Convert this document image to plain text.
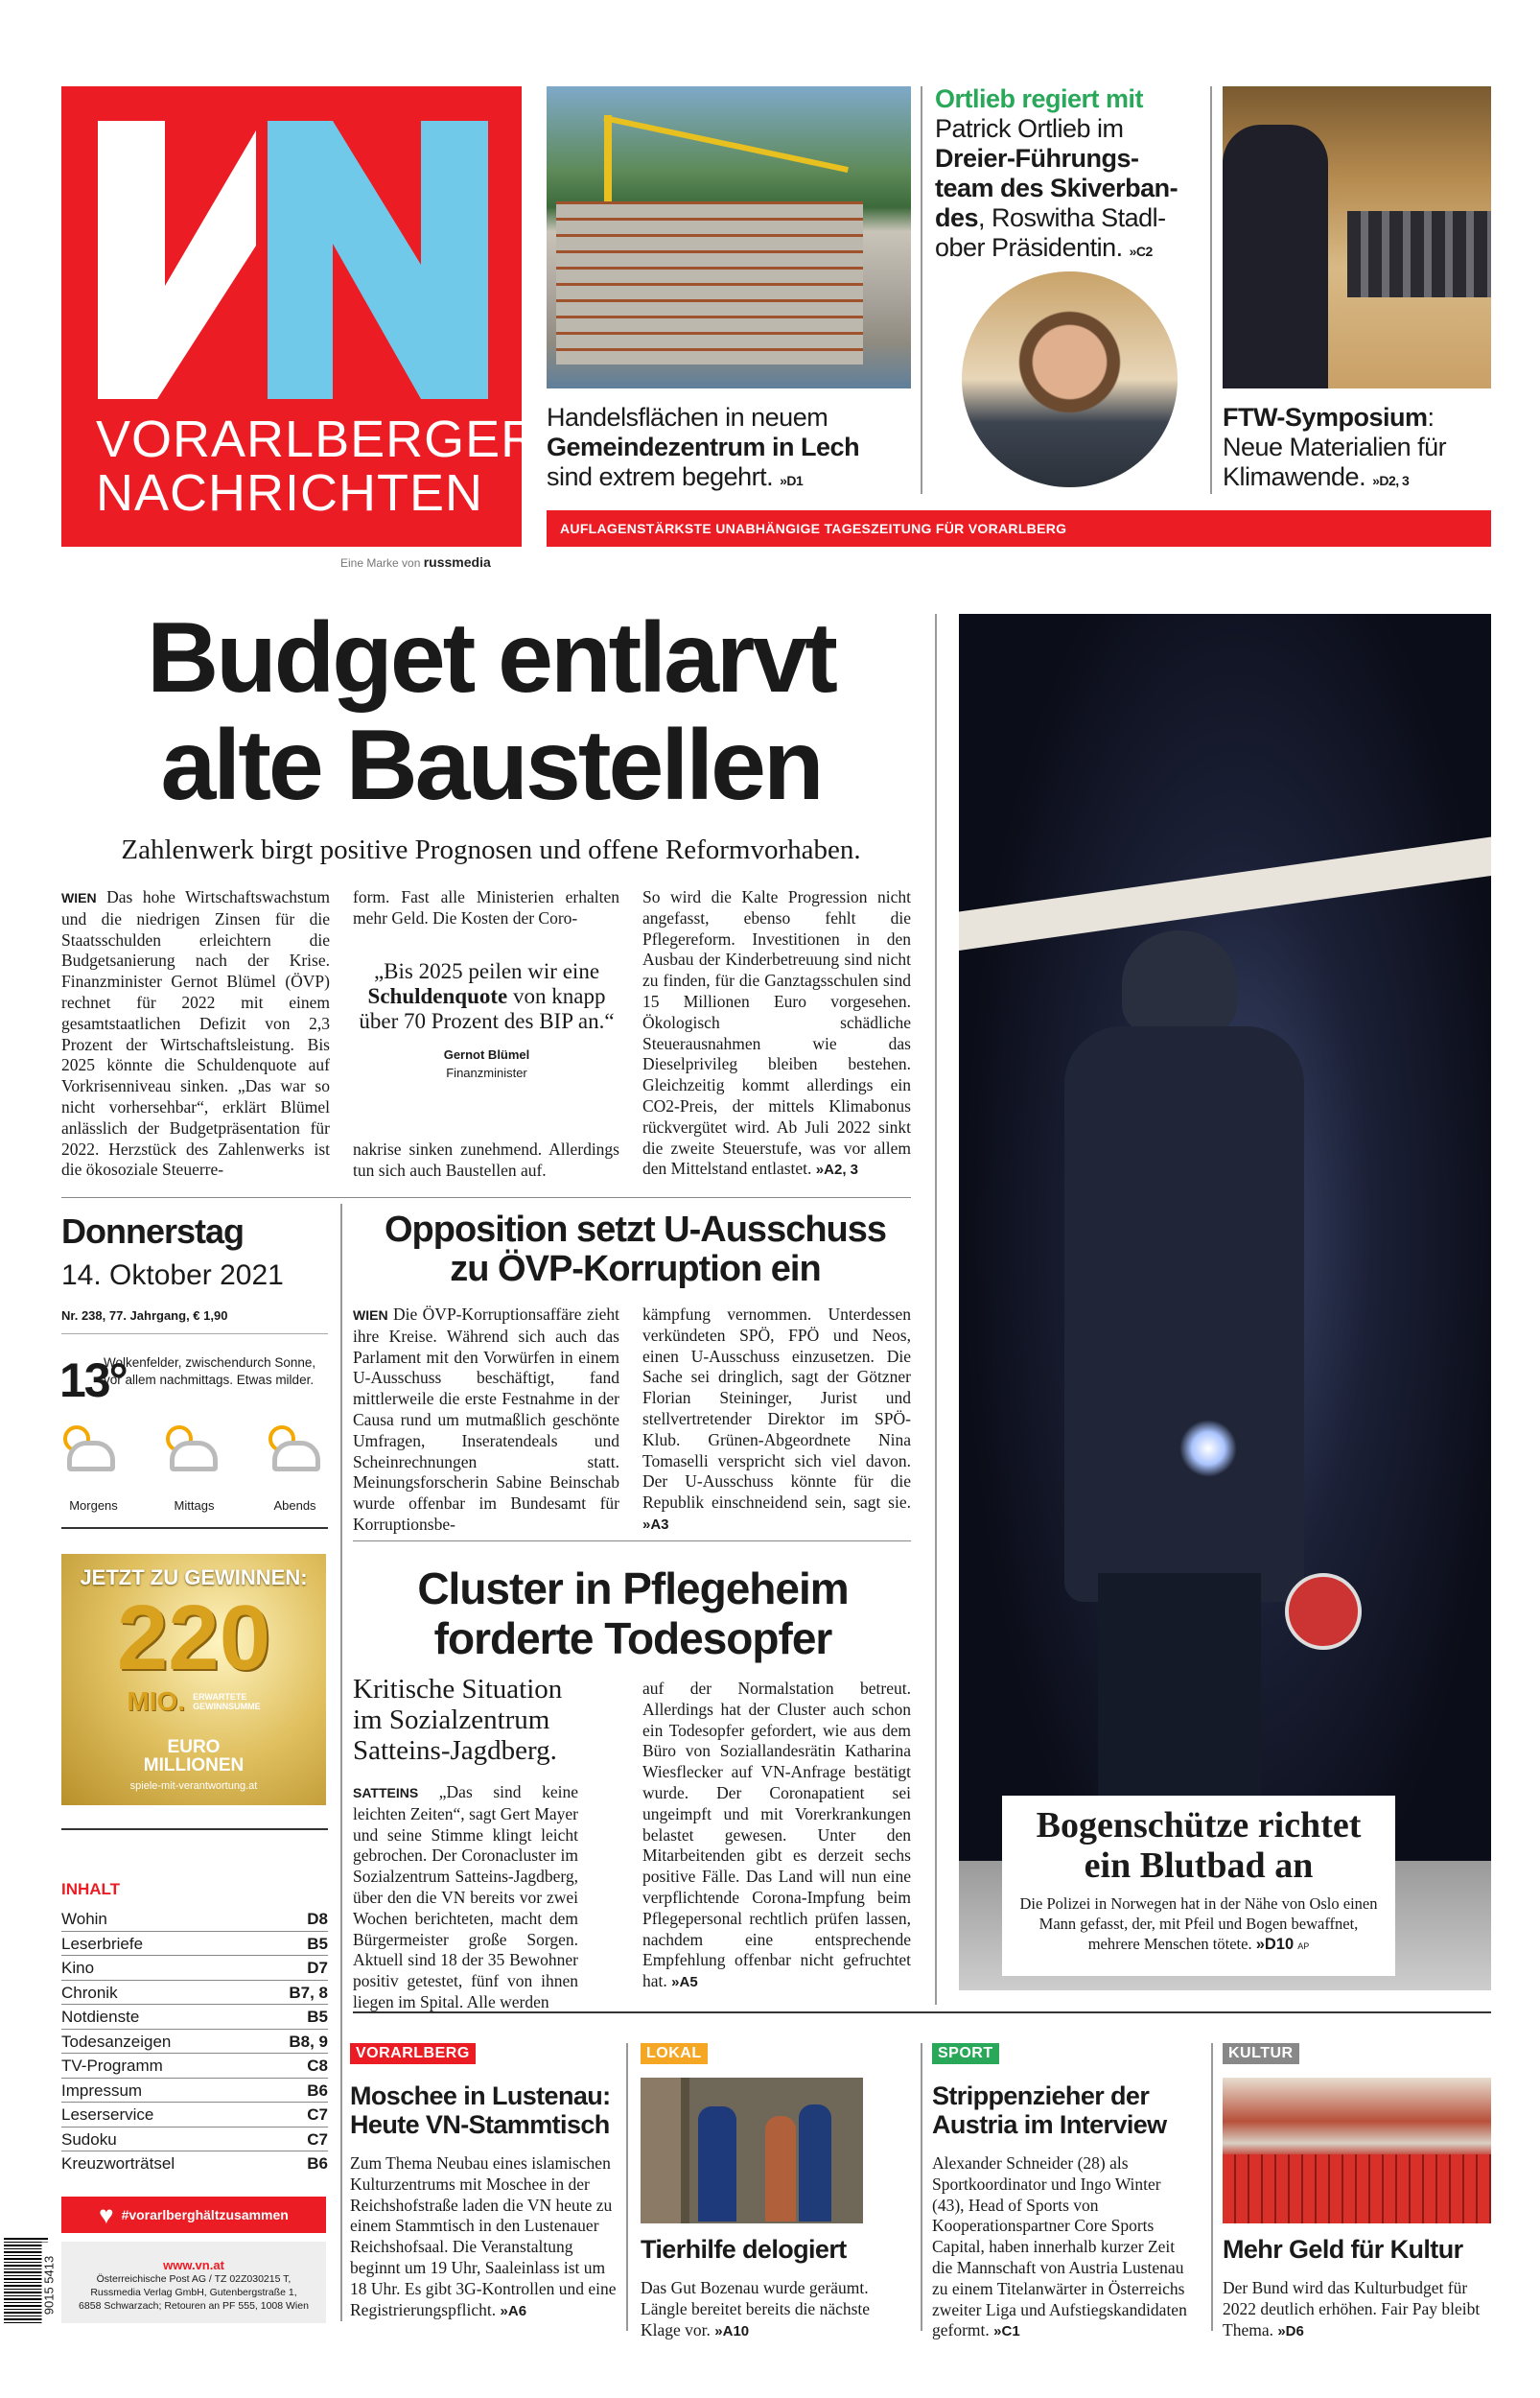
VORARLBERGER
NACHRICHTEN
Eine Marke von russmedia
Handelsflächen in neuem
Gemeindezentrum in Lech
sind extrem begehrt. »D1
Ortlieb regiert mit
Patrick Ortlieb im Dreier-Führungs-team des Skiverban-des, Roswitha Stadl-ober Präsidentin. »C2
FTW-Symposium: Neue Materialien für Klimawende. »D2, 3
AUFLAGENSTÄRKSTE UNABHÄNGIGE TAGESZEITUNG FÜR VORARLBERG
Budget entlarvt
alte Baustellen
Zahlenwerk birgt positive Prognosen und offene Reformvorhaben.
WIEN Das hohe Wirtschaftswachstum und die niedrigen Zinsen für die Staatsschulden erleichtern die Budgetsanierung nach der Krise. Finanzminister Gernot Blümel (ÖVP) rechnet für 2022 mit einem gesamtstaatlichen Defizit von 2,3 Prozent der Wirtschaftsleistung. Bis 2025 könnte die Schuldenquote auf Vorkrisenniveau sinken. „Das war so nicht vorhersehbar“, erklärt Blümel anlässlich der Budgetpräsentation für 2022. Herzstück des Zahlenwerks ist die ökosoziale Steuerre-
form. Fast alle Ministerien erhalten mehr Geld. Die Kosten der Coro-
„Bis 2025 peilen wir eine Schuldenquote von knapp über 70 Prozent des BIP an.“
Gernot Blümel
Finanzminister
nakrise sinken zunehmend. Allerdings tun sich auch Baustellen auf.
So wird die Kalte Progression nicht angefasst, ebenso fehlt die Pflegereform. Investitionen in den Ausbau der Kinderbetreuung sind nicht zu finden, für die Ganztagsschulen sind 15 Millionen Euro vorgesehen. Ökologisch schädliche Steuerausnahmen wie das Dieselprivileg bleiben bestehen. Gleichzeitig kommt allerdings ein CO2-Preis, der mittels Klimabonus rückvergütet wird. Ab Juli 2022 sinkt die zweite Steuerstufe, was vor allem den Mittelstand entlastet. »A2, 3
Bogenschütze richtet ein Blutbad an
Die Polizei in Norwegen hat in der Nähe von Oslo einen Mann gefasst, der, mit Pfeil und Bogen bewaffnet, mehrere Menschen tötete. »D10 AP
Donnerstag
14. Oktober 2021
Nr. 238, 77. Jahrgang, € 1,90
13°
Wolkenfelder, zwischendurch Sonne, vor allem nachmittags. Etwas milder.
Morgens	Mittags	Abends
JETZT ZU GEWINNEN:
220
MIO. ERWARTETE
GEWINNSUMME
EURO
MILLIONEN
spiele-mit-verantwortung.at
INHALT
Wohin	D8
Leserbriefe	B5
Kino	D7
Chronik	B7, 8
Notdienste	B5
Todesanzeigen	B8, 9
TV-Programm	C8
Impressum	B6
Leserservice	C7
Sudoku	C7
Kreuzworträtsel	B6
♥ #vorarlberghältzusammen
www.vn.at
Österreichische Post AG / TZ 02Z030215 T,
Russmedia Verlag GmbH, Gutenbergstraße 1,
6858 Schwarzach; Retouren an PF 555, 1008 Wien
9015 5413
Opposition setzt U-Ausschuss zu ÖVP-Korruption ein
WIEN Die ÖVP-Korruptionsaffäre zieht ihre Kreise. Während sich auch das Parlament mit den Vorwürfen in einem U-Ausschuss beschäftigt, fand mittlerweile die erste Festnahme in der Causa rund um mutmaßlich geschönte Umfragen, Inseratendeals und Scheinrechnungen statt. Meinungsforscherin Sabine Beinschab wurde offenbar im Bundesamt für Korruptionsbe-
kämpfung vernommen. Unterdessen verkündeten SPÖ, FPÖ und Neos, einen U-Ausschuss einzusetzen. Die Sache sei dringlich, sagt der Götzner Florian Steininger, Jurist und stellvertretender Direktor im SPÖ-Klub. Grünen-Abgeordnete Nina Tomaselli verspricht sich viel davon. Der U-Ausschuss könnte für die Republik einschneidend sein, sagt sie. »A3
Cluster in Pflegeheim forderte Todesopfer
Kritische Situation im Sozialzentrum Satteins-Jagdberg.
SATTEINS „Das sind keine leichten Zeiten“, sagt Gert Mayer und seine Stimme klingt leicht gebrochen. Der Coronacluster im Sozialzentrum Satteins-Jagdberg, über den die VN bereits vor zwei Wochen berichteten, macht dem Bürgermeister große Sorgen. Aktuell sind 18 der 35 Bewohner positiv getestet, fünf von ihnen liegen im Spital. Alle werden
auf der Normalstation betreut. Allerdings hat der Cluster auch schon ein Todesopfer gefordert, wie aus dem Büro von Soziallandesrätin Katharina Wiesflecker auf VN-Anfrage bestätigt wurde. Der Coronapatient sei ungeimpft und mit Vorerkrankungen belastet gewesen. Unter den Mitarbeitenden gibt es derzeit sechs positive Fälle. Das Land will nun eine verpflichtende Corona-Impfung beim Pflegepersonal rechtlich prüfen lassen, nachdem eine entsprechende Empfehlung offenbar nicht gefruchtet hat. »A5
VORARLBERG
Moschee in Lustenau: Heute VN-Stammtisch
Zum Thema Neubau eines islamischen Kulturzentrums mit Moschee in der Reichshofstraße laden die VN heute zu einem Stammtisch in den Lustenauer Reichshofsaal. Die Veranstaltung beginnt um 19 Uhr, Saaleinlass ist um 18 Uhr. Es gibt 3G-Kontrollen und eine Registrierungspflicht. »A6
LOKAL
Tierhilfe delogiert
Das Gut Bozenau wurde geräumt. Längle bereitet bereits die nächste Klage vor. »A10
SPORT
Strippenzieher der Austria im Interview
Alexander Schneider (28) als Sportkoordinator und Ingo Winter (43), Head of Sports von Kooperationspartner Core Sports Capital, haben innerhalb kurzer Zeit die Mannschaft von Austria Lustenau zu einem Titelanwärter in Österreichs zweiter Liga und Aufstiegskandidaten geformt. »C1
KULTUR
Mehr Geld für Kultur
Der Bund wird das Kulturbudget für 2022 deutlich erhöhen. Fair Pay bleibt Thema. »D6
